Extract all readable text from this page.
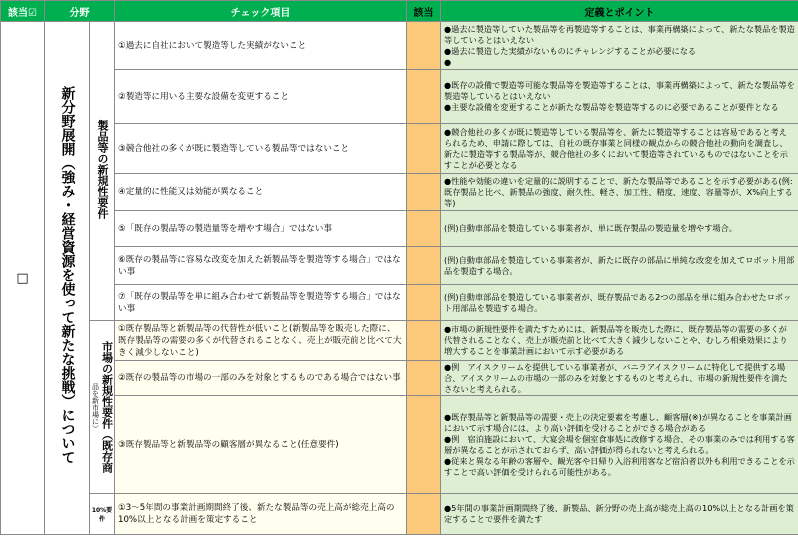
該当☑	分野		チェック項目	該当	定義とポイント
□	新分野展開（強み・経営資源を使って新たな挑戦）について	製品等の新規性要件	①過去に自社において製造等した実績がないこと		●過去に製造等していた製品等を再製造等することは、事業再構築によって、新たな製品を製造等しているとはいえない
●過去に製造した実績がないものにチャレンジすることが必要になる
●
			②製造等に用いる主要な設備を変更すること		●既存の設備で製造等可能な製品等を製造等することは、事業再構築によって、新たな製品等を製造等しているとはいえない
●主要な設備を変更することが新たな製品等を製造等するのに必要であることが要件となる
			③競合他社の多くが既に製造等している製品等ではないこと		●競合他社の多くが既に製造等している製品等を、新たに製造等することは容易であると考えられるため、申請に際しては、自社の既存事業と同様の観点からの競合他社の動向を調査し、新たに製造等する製品等が、競合他社の多くにおいて製造等されているものではないことを示すことが必要となる
			④定量的に性能又は効能が異なること		●性能や効能の違いを定量的に説明することで、新たな製品等であることを示す必要がある(例:既存製品と比べ、新製品の強度、耐久性、軽さ、加工性、精度、速度、容量等が、X%向上する等)
			⑤「既存の製品等の製造量等を増やす場合」ではない事		(例)自動車部品を製造している事業者が、単に既存製品の製造量を増やす場合。
			⑥既存の製品等に容易な改変を加えた新製品等を製造等する場合」ではない事		(例)自動車部品を製造している事業者が、新たに既存の部品に単純な改変を加えてロボット用部品を製造する場合。
			⑦「既存の製品等を単に組み合わせて新製品等を製造等する場合」ではない事		(例)自動車部品を製造している事業者が、既存製品である2つの部品を単に組み合わせたロボット用部品を製造する場合。

		品を新市場に） 市場の新規性要件（既存商	①既存製品等と新製品等の代替性が低いこと(新製品等を販売した際に、既存製品等の需要の多くが代替されることなく、売上が販売前と比べて大きく減少しないこと)		●市場の新規性要件を満たすためには、新製品等を販売した際に、既存製品等の需要の多くが代替されることなく、売上が販売前と比べて大きく減少しないことや、むしろ相乗効果により増大することを事業計画において示す必要がある
			②既存の製品等の市場の一部のみを対象とするものである場合ではない事		●例　アイスクリームを提供している事業者が、バニラアイスクリームに特化して提供する場合、アイスクリームの市場の一部のみを対象とするものと考えられ、市場の新規性要件を満たさないと考えられる。
			③既存製品等と新製品等の顧客層が異なること(任意要件)		●既存製品等と新製品等の需要・売上の決定要素を考慮し、顧客層(※)が異なることを事業計画において示す場合には、より高い評価を受けることができる場合がある
●例　宿泊施設において、大宴会場を個室食事処に改修する場合、その事業のみでは利用する客層が異なることが示されておらず、高い評価が得られないと考えられる。
●従来と異なる年齢の客層や、観光客や日帰り入浴利用客など宿泊者以外も利用できることを示すことで高い評価を受けられる可能性がある。
		10%要件	①3～5年間の事業計画期間終了後、新たな製品等の売上高が総売上高の10%以上となる計画を策定すること		●5年間の事業計画期間終了後、新製品、新分野の売上高が総売上高の10%以上となる計画を策定することで要件を満たす
